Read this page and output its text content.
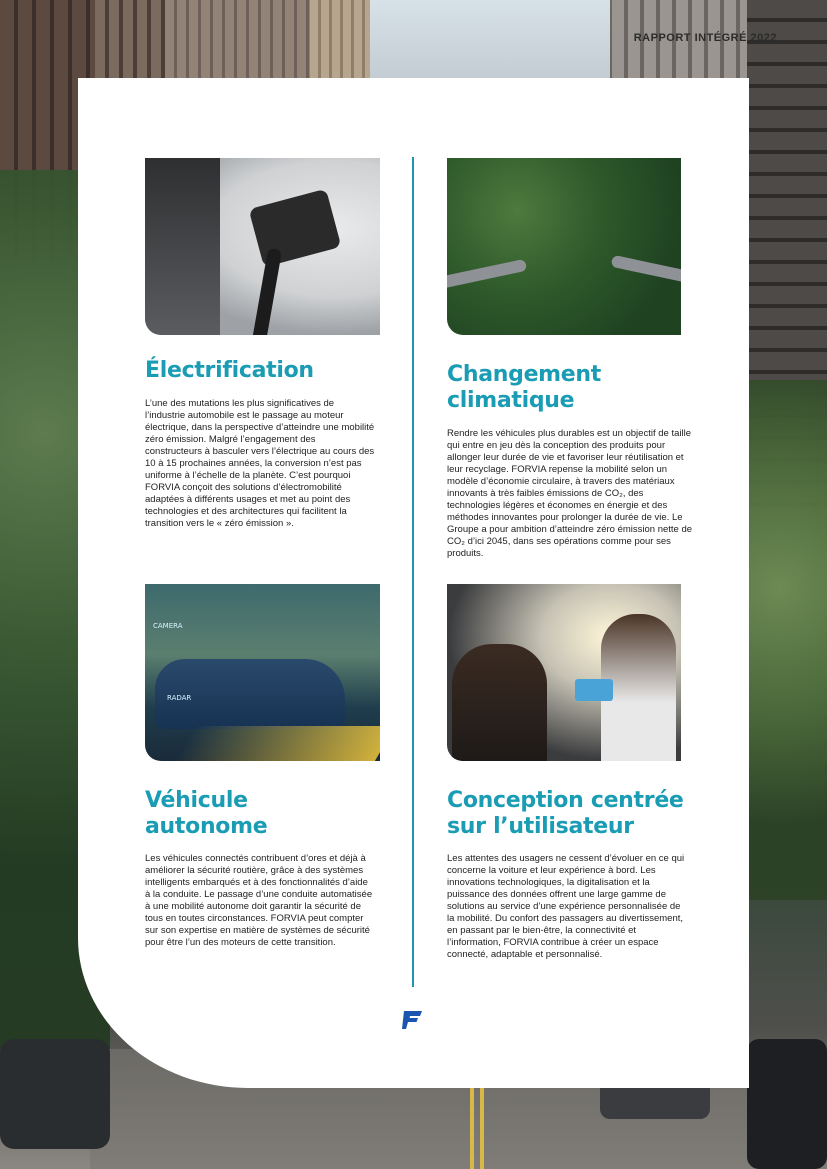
RAPPORT INTÉGRÉ 2022
CAMERA
RADAR
Électrification

L’une des mutations les plus significatives de l’industrie automobile est le passage au moteur électrique, dans la perspective d’atteindre une mobilité zéro émission. Malgré l’engagement des constructeurs à basculer vers l’électrique au cours des 10 à 15 prochaines années, la conversion n’est pas uniforme à l’échelle de la planète. C’est pourquoi FORVIA conçoit des solutions d’électromobilité adaptées à différents usages et met au point des technologies et des architectures qui facilitent la transition vers le « zéro émission ».

Changement
climatique

Rendre les véhicules plus durables est un objectif de taille qui entre en jeu dès la conception des produits pour allonger leur durée de vie et favoriser leur réutilisation et leur recyclage. FORVIA repense la mobilité selon un modèle d’économie circulaire, à travers des matériaux innovants à très faibles émissions de CO₂, des technologies légères et économes en énergie et des méthodes innovantes pour prolonger la durée de vie. Le Groupe a pour ambition d’atteindre zéro émission nette de CO₂ d’ici 2045, dans ses opérations comme pour ses produits.

Véhicule
autonome

Les véhicules connectés contribuent d’ores et déjà à améliorer la sécurité routière, grâce à des systèmes intelligents embarqués et à des fonctionnalités d’aide à la conduite. Le passage d’une conduite automatisée à une mobilité autonome doit garantir la sécurité de tous en toutes circonstances. FORVIA peut compter sur son expertise en matière de systèmes de sécurité pour être l’un des moteurs de cette transition.

Conception centrée
sur l’utilisateur

Les attentes des usagers ne cessent d’évoluer en ce qui concerne la voiture et leur expérience à bord. Les innovations technologiques, la digitalisation et la puissance des données offrent une large gamme de solutions au service d’une expérience personnalisée de la mobilité. Du confort des passagers au divertissement, en passant par le bien-être, la connectivité et l’information, FORVIA contribue à créer un espace connecté, adaptable et personnalisé.
